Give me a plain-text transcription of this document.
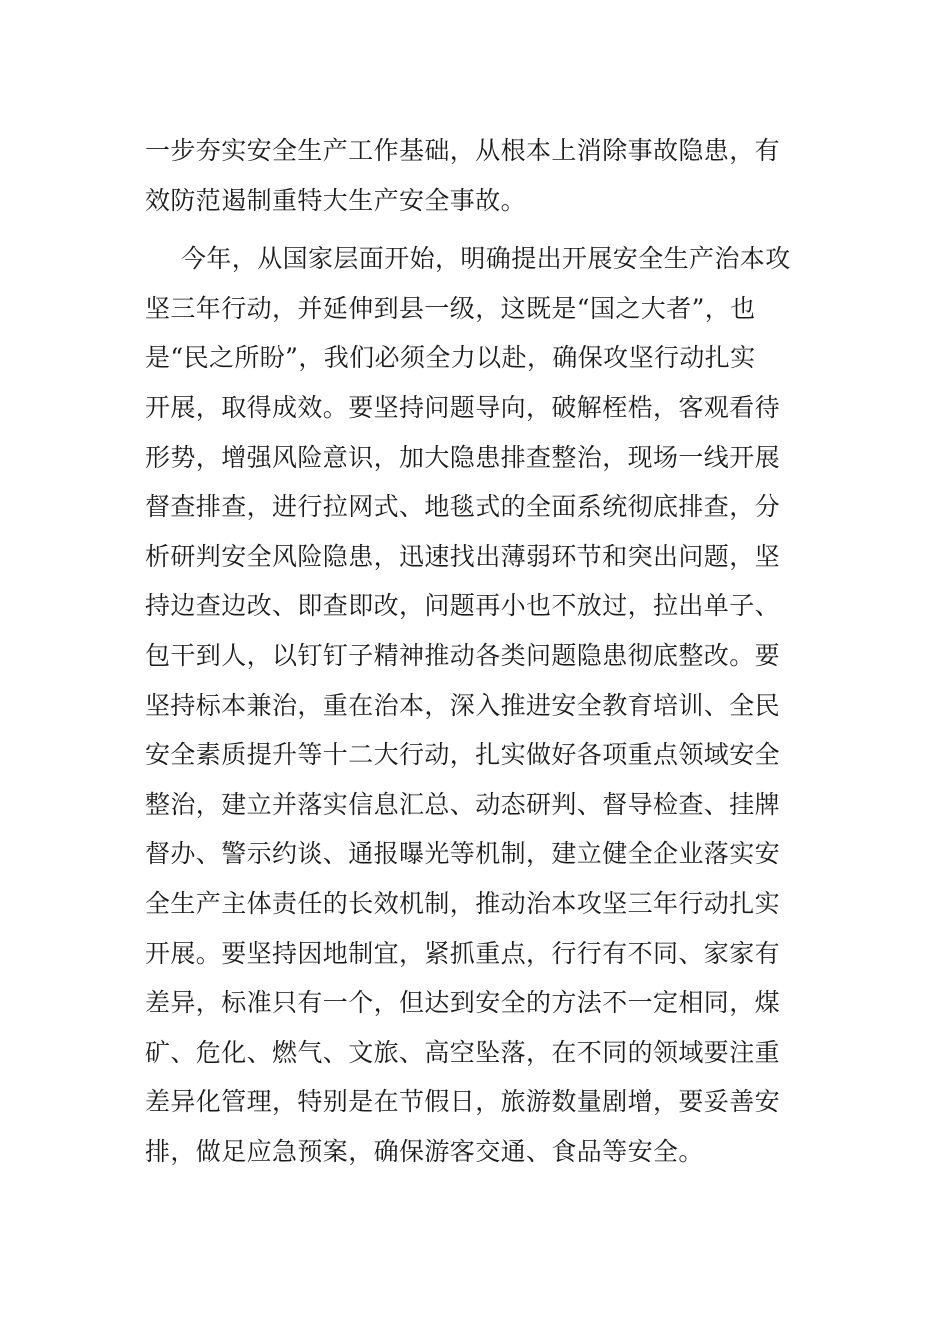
一步夯实安全生产工作基础，从根本上消除事故隐患，有
效防范遏制重特大生产安全事故。
今年，从国家层面开始，明确提出开展安全生产治本攻
坚三年行动，并延伸到县一级，这既是“国之大者”，也
是“民之所盼”，我们必须全力以赴，确保攻坚行动扎实
开展，取得成效。要坚持问题导向，破解桎梏，客观看待
形势，增强风险意识，加大隐患排查整治，现场一线开展
督查排查，进行拉网式、地毯式的全面系统彻底排查，分
析研判安全风险隐患，迅速找出薄弱环节和突出问题，坚
持边查边改、即查即改，问题再小也不放过，拉出单子、
包干到人，以钉钉子精神推动各类问题隐患彻底整改。要
坚持标本兼治，重在治本，深入推进安全教育培训、全民
安全素质提升等十二大行动，扎实做好各项重点领域安全
整治，建立并落实信息汇总、动态研判、督导检查、挂牌
督办、警示约谈、通报曝光等机制，建立健全企业落实安
全生产主体责任的长效机制，推动治本攻坚三年行动扎实
开展。要坚持因地制宜，紧抓重点，行行有不同、家家有
差异，标准只有一个，但达到安全的方法不一定相同，煤
矿、危化、燃气、文旅、高空坠落，在不同的领域要注重
差异化管理，特别是在节假日，旅游数量剧增，要妥善安
排，做足应急预案，确保游客交通、食品等安全。
